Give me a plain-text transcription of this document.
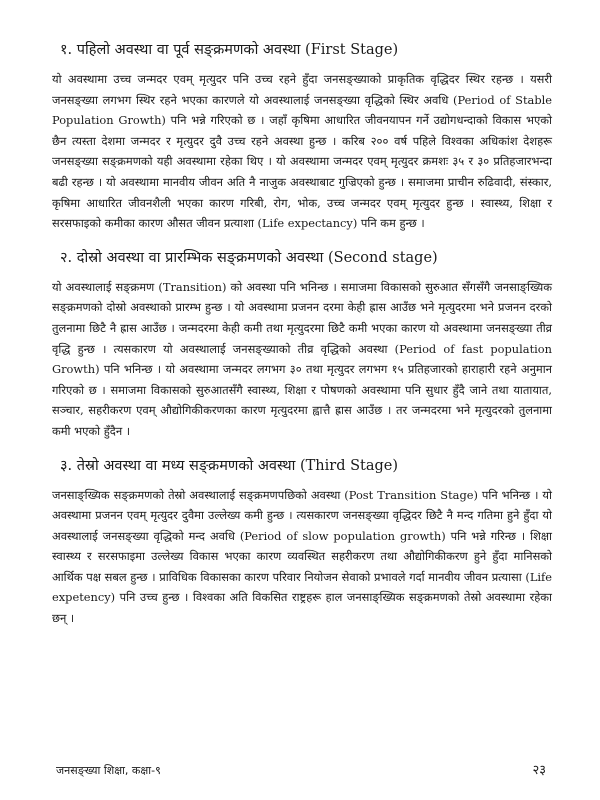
१. पहिलो अवस्था वा पूर्व सङ्क्रमणको अवस्था (First Stage)

यो अवस्थामा उच्च जन्मदर एवम् मृत्युदर पनि उच्च रहने हुँदा जनसङ्ख्याको प्राकृतिक वृद्धिदर स्थिर रहन्छ । यसरी जनसङ्ख्या लगभग स्थिर रहने भएका कारणले यो अवस्थालाई जनसङ्ख्या वृद्धिको स्थिर अवधि (Period of Stable Population Growth) पनि भन्ने गरिएको छ । जहाँ कृषिमा आधारित जीवनयापन गर्ने उद्योगधन्दाको विकास भएको छैन त्यस्ता देशमा जन्मदर र मृत्युदर दुवै उच्च रहने अवस्था हुन्छ । करिब २०० वर्ष पहिले विश्वका अधिकांश देशहरू जनसङ्ख्या सङ्क्रमणको यही अवस्थामा रहेका थिए । यो अवस्थामा जन्मदर एवम् मृत्युदर क्रमशः ३५ र ३० प्रतिहजारभन्दा बढी रहन्छ । यो अवस्थामा मानवीय जीवन अति नै नाजुक अवस्थाबाट गुज्रिएको हुन्छ । समाजमा प्राचीन रुढिवादी, संस्कार, कृषिमा आधारित जीवनशैली भएका कारण गरिबी, रोग, भोक, उच्च जन्मदर एवम् मृत्युदर हुन्छ । स्वास्थ्य, शिक्षा र सरसफाइको कमीका कारण औसत जीवन प्रत्याशा (Life expectancy) पनि कम हुन्छ ।

२. दोस्रो अवस्था वा प्रारम्भिक सङ्क्रमणको अवस्था (Second stage)

यो अवस्थालाई सङ्क्रमण (Transition) को अवस्था पनि भनिन्छ । समाजमा विकासको सुरुआत सँगसँगै जनसाङ्ख्यिक सङ्क्रमणको दोस्रो अवस्थाको प्रारम्भ हुन्छ । यो अवस्थामा प्रजनन दरमा केही ह्रास आउँछ भने मृत्युदरमा भने प्रजनन दरको तुलनामा छिटै नै ह्रास आउँछ । जन्मदरमा केही कमी तथा मृत्युदरमा छिटै कमी भएका कारण यो अवस्थामा जनसङ्ख्या तीव्र वृद्धि हुन्छ । त्यसकारण यो अवस्थालाई जनसङ्ख्याको तीव्र वृद्धिको अवस्था (Period of fast population Growth) पनि भनिन्छ । यो अवस्थामा जन्मदर लगभग ३० तथा मृत्युदर लगभग १५ प्रतिहजारको हाराहारी रहने अनुमान गरिएको छ । समाजमा विकासको सुरुआतसँगै स्वास्थ्य, शिक्षा र पोषणको अवस्थामा पनि सुधार हुँदै जाने तथा यातायात, सञ्चार, सहरीकरण एवम् औद्योगिकीकरणका कारण मृत्युदरमा ह्वात्तै ह्रास आउँछ । तर जन्मदरमा भने मृत्युदरको तुलनामा कमी भएको हुँदैन ।

३. तेस्रो अवस्था वा मध्य सङ्क्रमणको अवस्था (Third Stage)

जनसाङ्ख्यिक सङ्क्रमणको तेस्रो अवस्थालाई सङ्क्रमणपछिको अवस्था (Post Transition Stage) पनि भनिन्छ । यो अवस्थामा प्रजनन एवम् मृत्युदर दुवैमा उल्लेख्य कमी हुन्छ । त्यसकारण जनसङ्ख्या वृद्धिदर छिटै नै मन्द गतिमा हुने हुँदा यो अवस्थालाई जनसङ्ख्या वृद्धिको मन्द अवधि (Period of slow population growth) पनि भन्ने गरिन्छ । शिक्षा स्वास्थ्य र सरसफाइमा उल्लेख्य विकास भएका कारण व्यवस्थित सहरीकरण तथा औद्योगिकीकरण हुने हुँदा मानिसको आर्थिक पक्ष सबल हुन्छ । प्राविधिक विकासका कारण परिवार नियोजन सेवाको प्रभावले गर्दा मानवीय जीवन प्रत्यासा (Life expetency) पनि उच्च हुन्छ । विश्वका अति विकसित राष्ट्रहरू हाल जनसाङ्ख्यिक सङ्क्रमणको तेस्रो अवस्थामा रहेका छन् ।

जनसङ्ख्या शिक्षा, कक्षा-९	२३
